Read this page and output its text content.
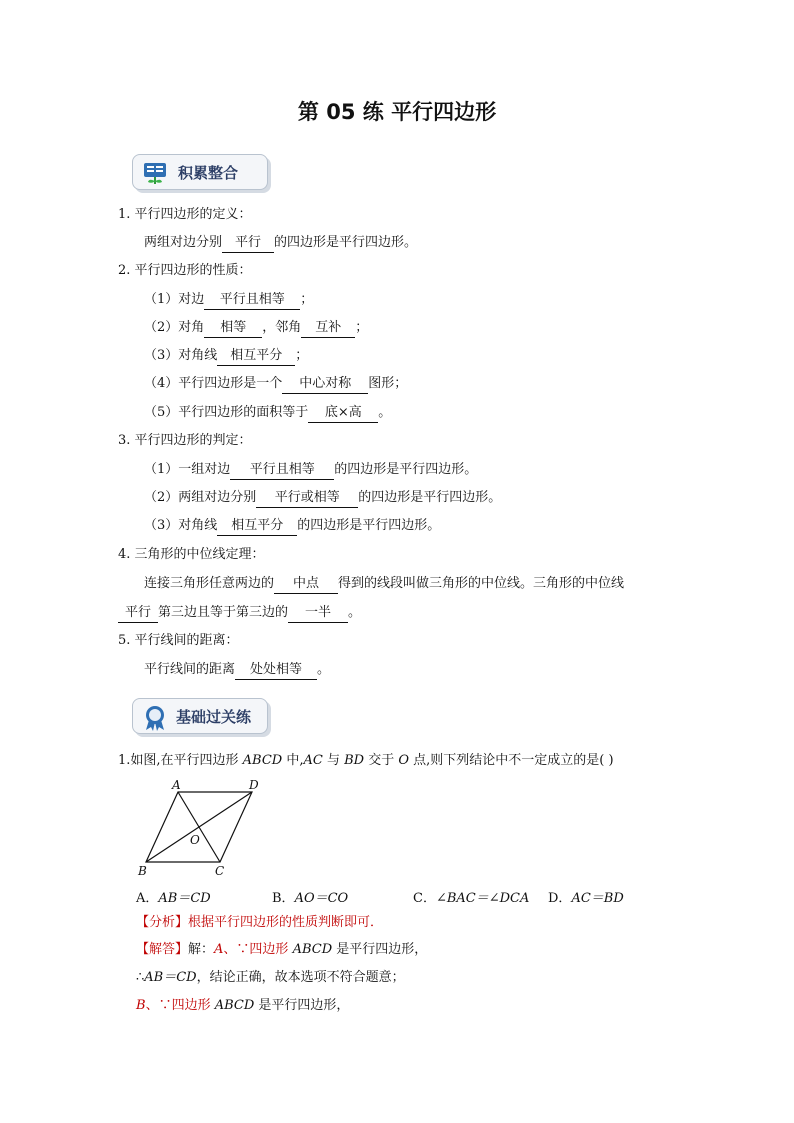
第 05 练 平行四边形
积累整合
1. 平行四边形的定义：
两组对边分别 平行 的四边形是平行四边形。
2. 平行四边形的性质：
（1）对边 平行且相等 ；
（2）对角 相等 ，邻角 互补 ；
（3）对角线 相互平分 ；
（4）平行四边形是一个 中心对称 图形；
（5）平行四边形的面积等于 底×高 。
3. 平行四边形的判定：
（1）一组对边 平行且相等 的四边形是平行四边形。
（2）两组对边分别 平行或相等 的四边形是平行四边形。
（3）对角线 相互平分 的四边形是平行四边形。
4. 三角形的中位线定理：
连接三角形任意两边的 中点 得到的线段叫做三角形的中位线。三角形的中位线
平行 第三边且等于第三边的 一半 。
5. 平行线间的距离：
平行线间的距离 处处相等 。
基础过关练
1.如图,在平行四边形 ABCD 中,AC 与 BD 交于 O 点,则下列结论中不一定成立的是( )
A	D
B	C
O
A．AB＝CD	B．AO＝CO	C．∠BAC＝∠DCA D．AC＝BD
【分析】根据平行四边形的性质判断即可．
【解答】解：A、∵四边形 ABCD 是平行四边形，
∴AB＝CD，结论正确，故本选项不符合题意；
B、∵四边形 ABCD 是平行四边形，
